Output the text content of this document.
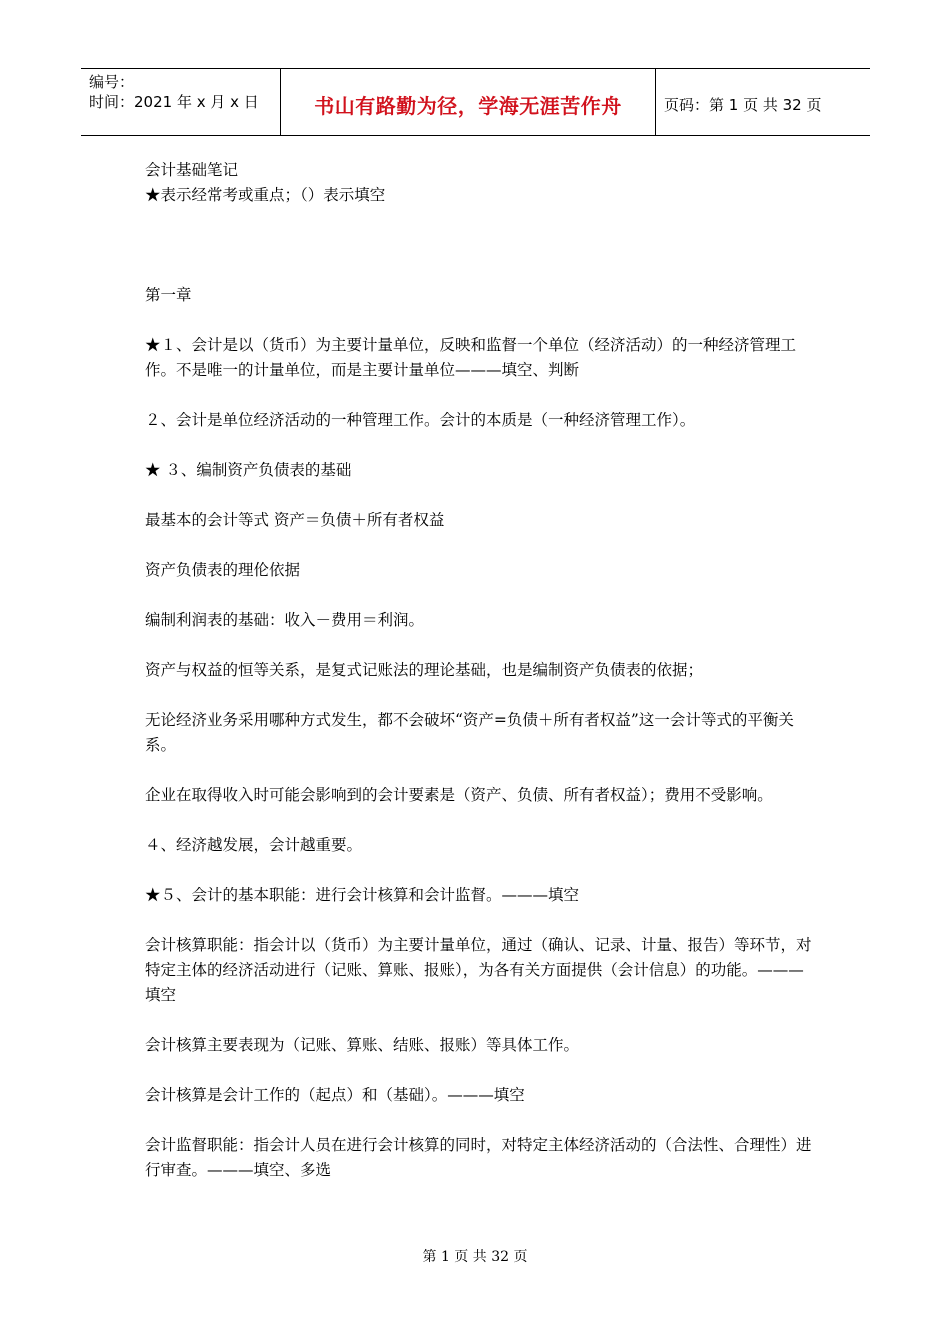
编号：
时间：2021 年 x 月 x 日	书山有路勤为径，学海无涯苦作舟	页码：第 1 页 共 32 页

会计基础笔记

★表示经常考或重点；（）表示填空

第一章

★１、会计是以（货币）为主要计量单位，反映和监督一个单位（经济活动）的一种经济管理工作。不是唯一的计量单位，而是主要计量单位———填空、判断

２、会计是单位经济活动的一种管理工作。会计的本质是（一种经济管理工作）。

★ ３、编制资产负债表的基础

最基本的会计等式 资产＝负债＋所有者权益

资产负债表的理伦依据

编制利润表的基础：收入－费用＝利润。

资产与权益的恒等关系，是复式记账法的理论基础，也是编制资产负债表的依据；

无论经济业务采用哪种方式发生，都不会破坏“资产=负债＋所有者权益”这一会计等式的平衡关系。

企业在取得收入时可能会影响到的会计要素是（资产、负债、所有者权益）；费用不受影响。

４、经济越发展，会计越重要。

★５、会计的基本职能：进行会计核算和会计监督。———填空

会计核算职能：指会计以（货币）为主要计量单位，通过（确认、记录、计量、报告）等环节，对特定主体的经济活动进行（记账、算账、报账），为各有关方面提供（会计信息）的功能。———填空

会计核算主要表现为（记账、算账、结账、报账）等具体工作。

会计核算是会计工作的（起点）和（基础）。———填空

会计监督职能：指会计人员在进行会计核算的同时，对特定主体经济活动的（合法性、合理性）进行审查。———填空、多选

第 1 页 共 32 页
